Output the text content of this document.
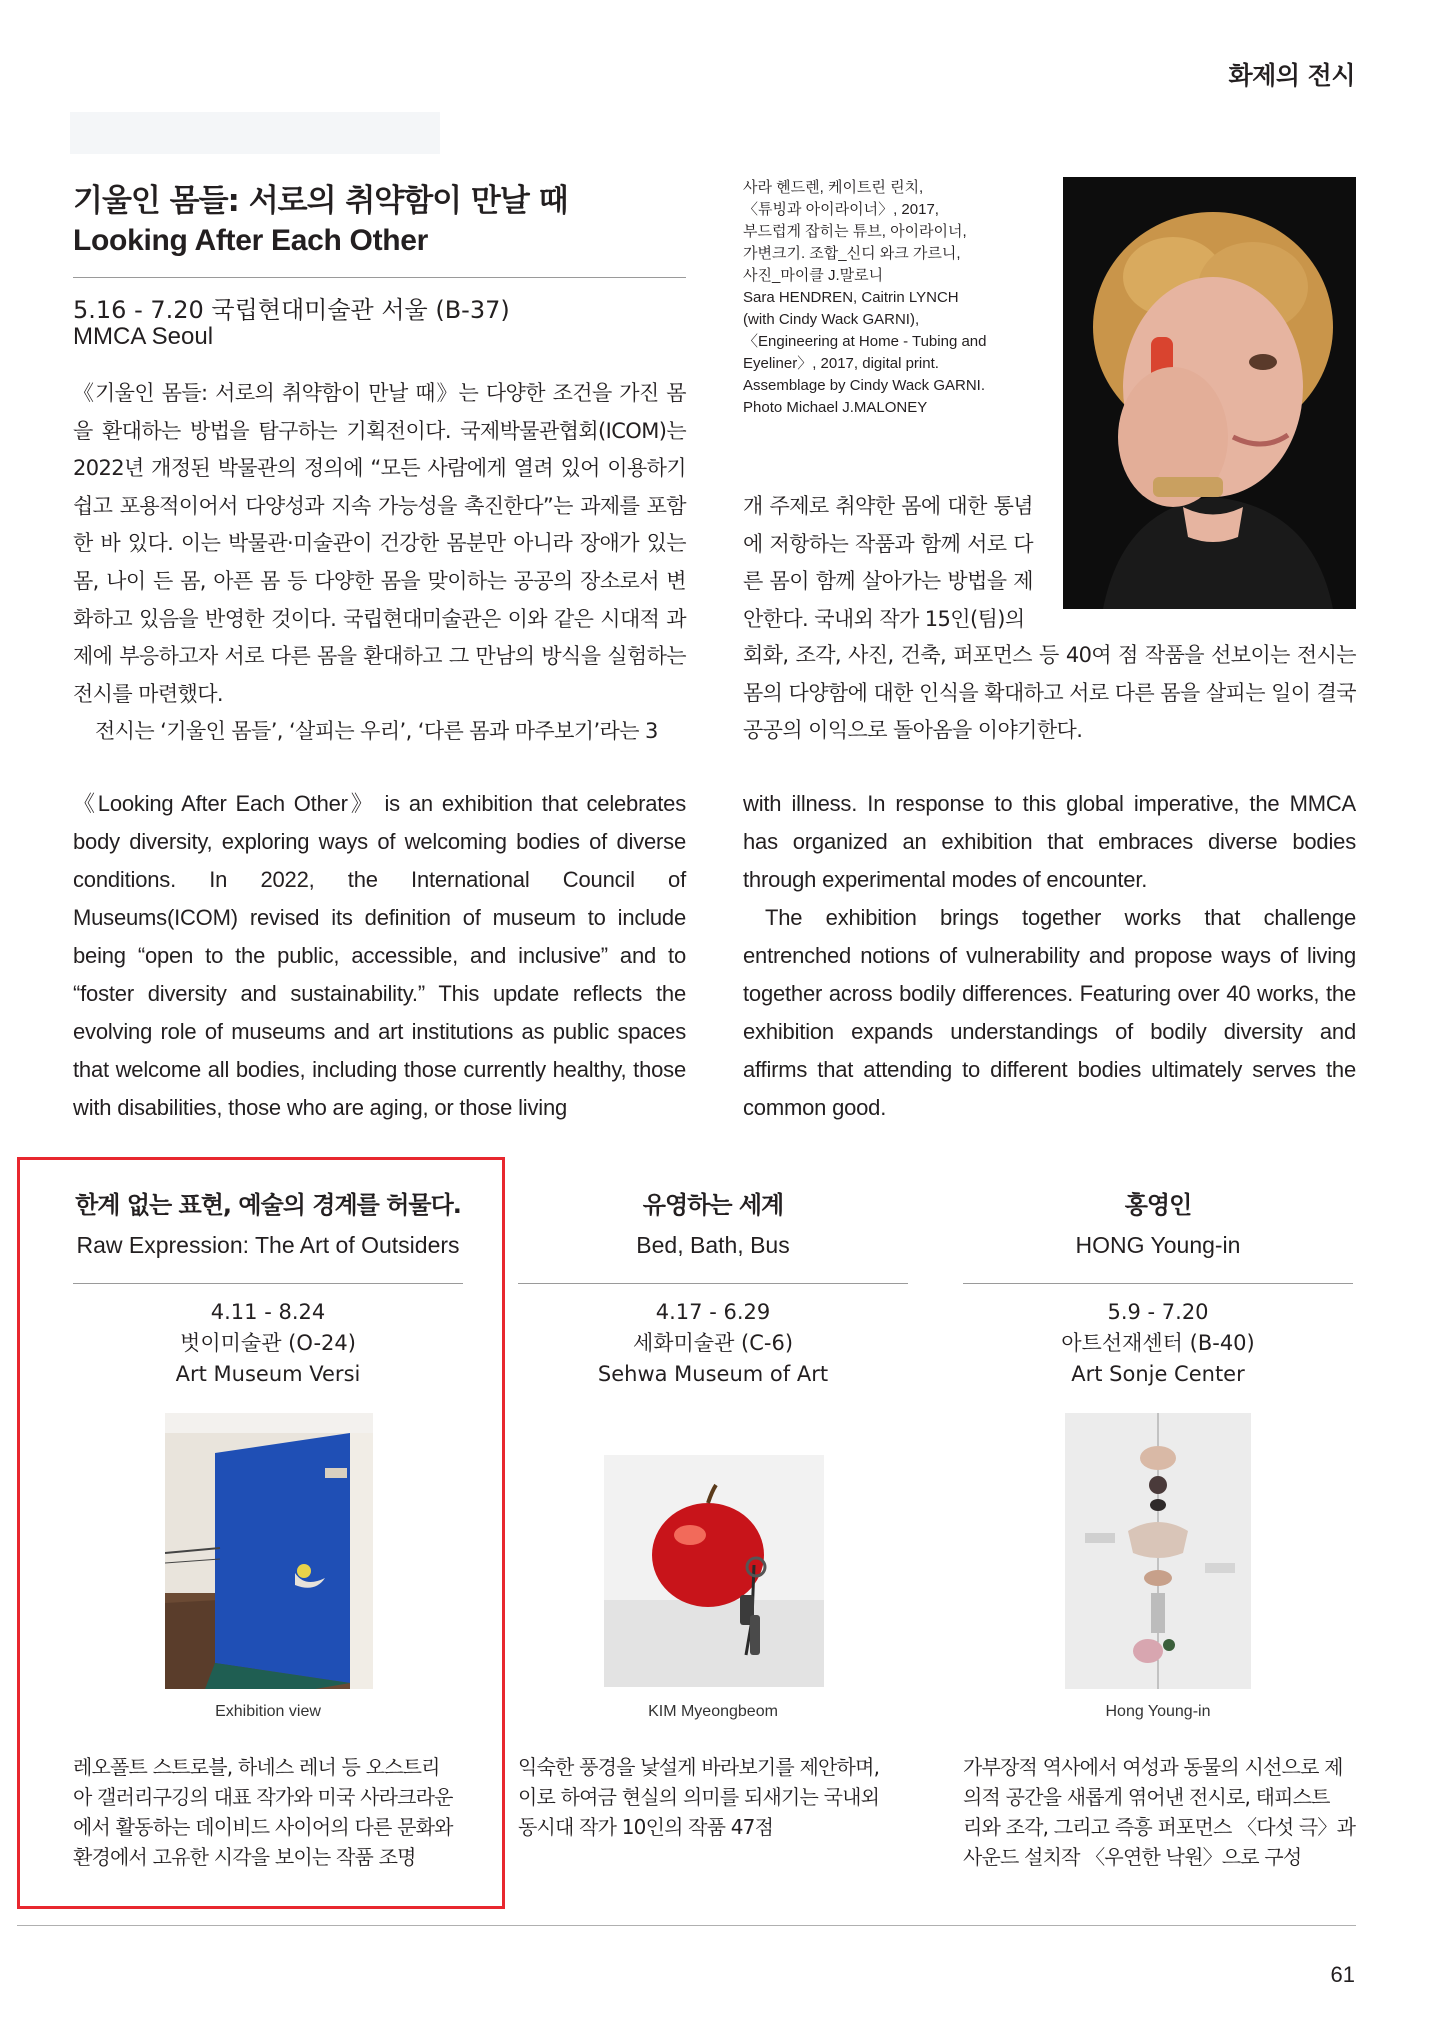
화제의 전시
기울인 몸들: 서로의 취약함이 만날 때
Looking After Each Other
5.16 - 7.20 국립현대미술관 서울 (B-37)
MMCA Seoul

《기울인 몸들: 서로의 취약함이 만날 때》는 다양한 조건을 가진 몸을 환대하는 방법을 탐구하는 기획전이다. 국제박물관협회(ICOM)는 2022년 개정된 박물관의 정의에 “모든 사람에게 열려 있어 이용하기 쉽고 포용적이어서 다양성과 지속 가능성을 촉진한다”는 과제를 포함한 바 있다. 이는 박물관·미술관이 건강한 몸분만 아니라 장애가 있는 몸, 나이 든 몸, 아픈 몸 등 다양한 몸을 맞이하는 공공의 장소로서 변화하고 있음을 반영한 것이다. 국립현대미술관은 이와 같은 시대적 과제에 부응하고자 서로 다른 몸을 환대하고 그 만남의 방식을 실험하는 전시를 마련했다.

전시는 ‘기울인 몸들’, ‘살피는 우리’, ‘다른 몸과 마주보기’라는 3

사라 헨드렌, 케이트린 린치,
〈튜빙과 아이라이너〉, 2017,
부드럽게 잡히는 튜브, 아이라이너,
가변크기. 조합_신디 와크 가르니,
사진_마이클 J.말로니
Sara HENDREN, Caitrin LYNCH
(with Cindy Wack GARNI),
〈Engineering at Home - Tubing and
Eyeliner〉, 2017, digital print.
Assemblage by Cindy Wack GARNI.
Photo Michael J.MALONEY
개 주제로 취약한 몸에 대한 통념에 저항하는 작품과 함께 서로 다른 몸이 함께 살아가는 방법을 제안한다. 국내외 작가 15인(팀)의
회화, 조각, 사진, 건축, 퍼포먼스 등 40여 점 작품을 선보이는 전시는 몸의 다양함에 대한 인식을 확대하고 서로 다른 몸을 살피는 일이 결국 공공의 이익으로 돌아옴을 이야기한다.

《Looking After Each Other》 is an exhibition that celebrates body diversity, exploring ways of welcoming bodies of diverse conditions. In 2022, the International Council of Museums(ICOM) revised its definition of museum to include being “open to the public, accessible, and inclusive” and to “foster diversity and sustainability.” This update reflects the evolving role of museums and art institutions as public spaces that welcome all bodies, including those currently healthy, those with disabilities, those who are aging, or those living

with illness. In response to this global imperative, the MMCA has organized an exhibition that embraces diverse bodies through experimental modes of encounter.

The exhibition brings together works that challenge entrenched notions of vulnerability and propose ways of living together across bodily differences. Featuring over 40 works, the exhibition expands understandings of bodily diversity and affirms that attending to different bodies ultimately serves the common good.

한계 없는 표현, 예술의 경계를 허물다.
Raw Expression: The Art of Outsiders
4.11 - 8.24
벗이미술관 (O-24)
Art Museum Versi
Exhibition view
레오폴트 스트로블, 하네스 레너 등 오스트리
아 갤러리구깅의 대표 작가와 미국 사라크라운
에서 활동하는 데이비드 사이어의 다른 문화와
환경에서 고유한 시각을 보이는 작품 조명
유영하는 세계
Bed, Bath, Bus
4.17 - 6.29
세화미술관 (C-6)
Sehwa Museum of Art
KIM Myeongbeom
익숙한 풍경을 낯설게 바라보기를 제안하며,
이로 하여금 현실의 의미를 되새기는 국내외
동시대 작가 10인의 작품 47점
홍영인
HONG Young-in
5.9 - 7.20
아트선재센터 (B-40)
Art Sonje Center
Hong Young-in
가부장적 역사에서 여성과 동물의 시선으로 제
의적 공간을 새롭게 엮어낸 전시로, 태피스트
리와 조각, 그리고 즉흥 퍼포먼스 〈다섯 극〉과
사운드 설치작 〈우연한 낙원〉으로 구성
61
